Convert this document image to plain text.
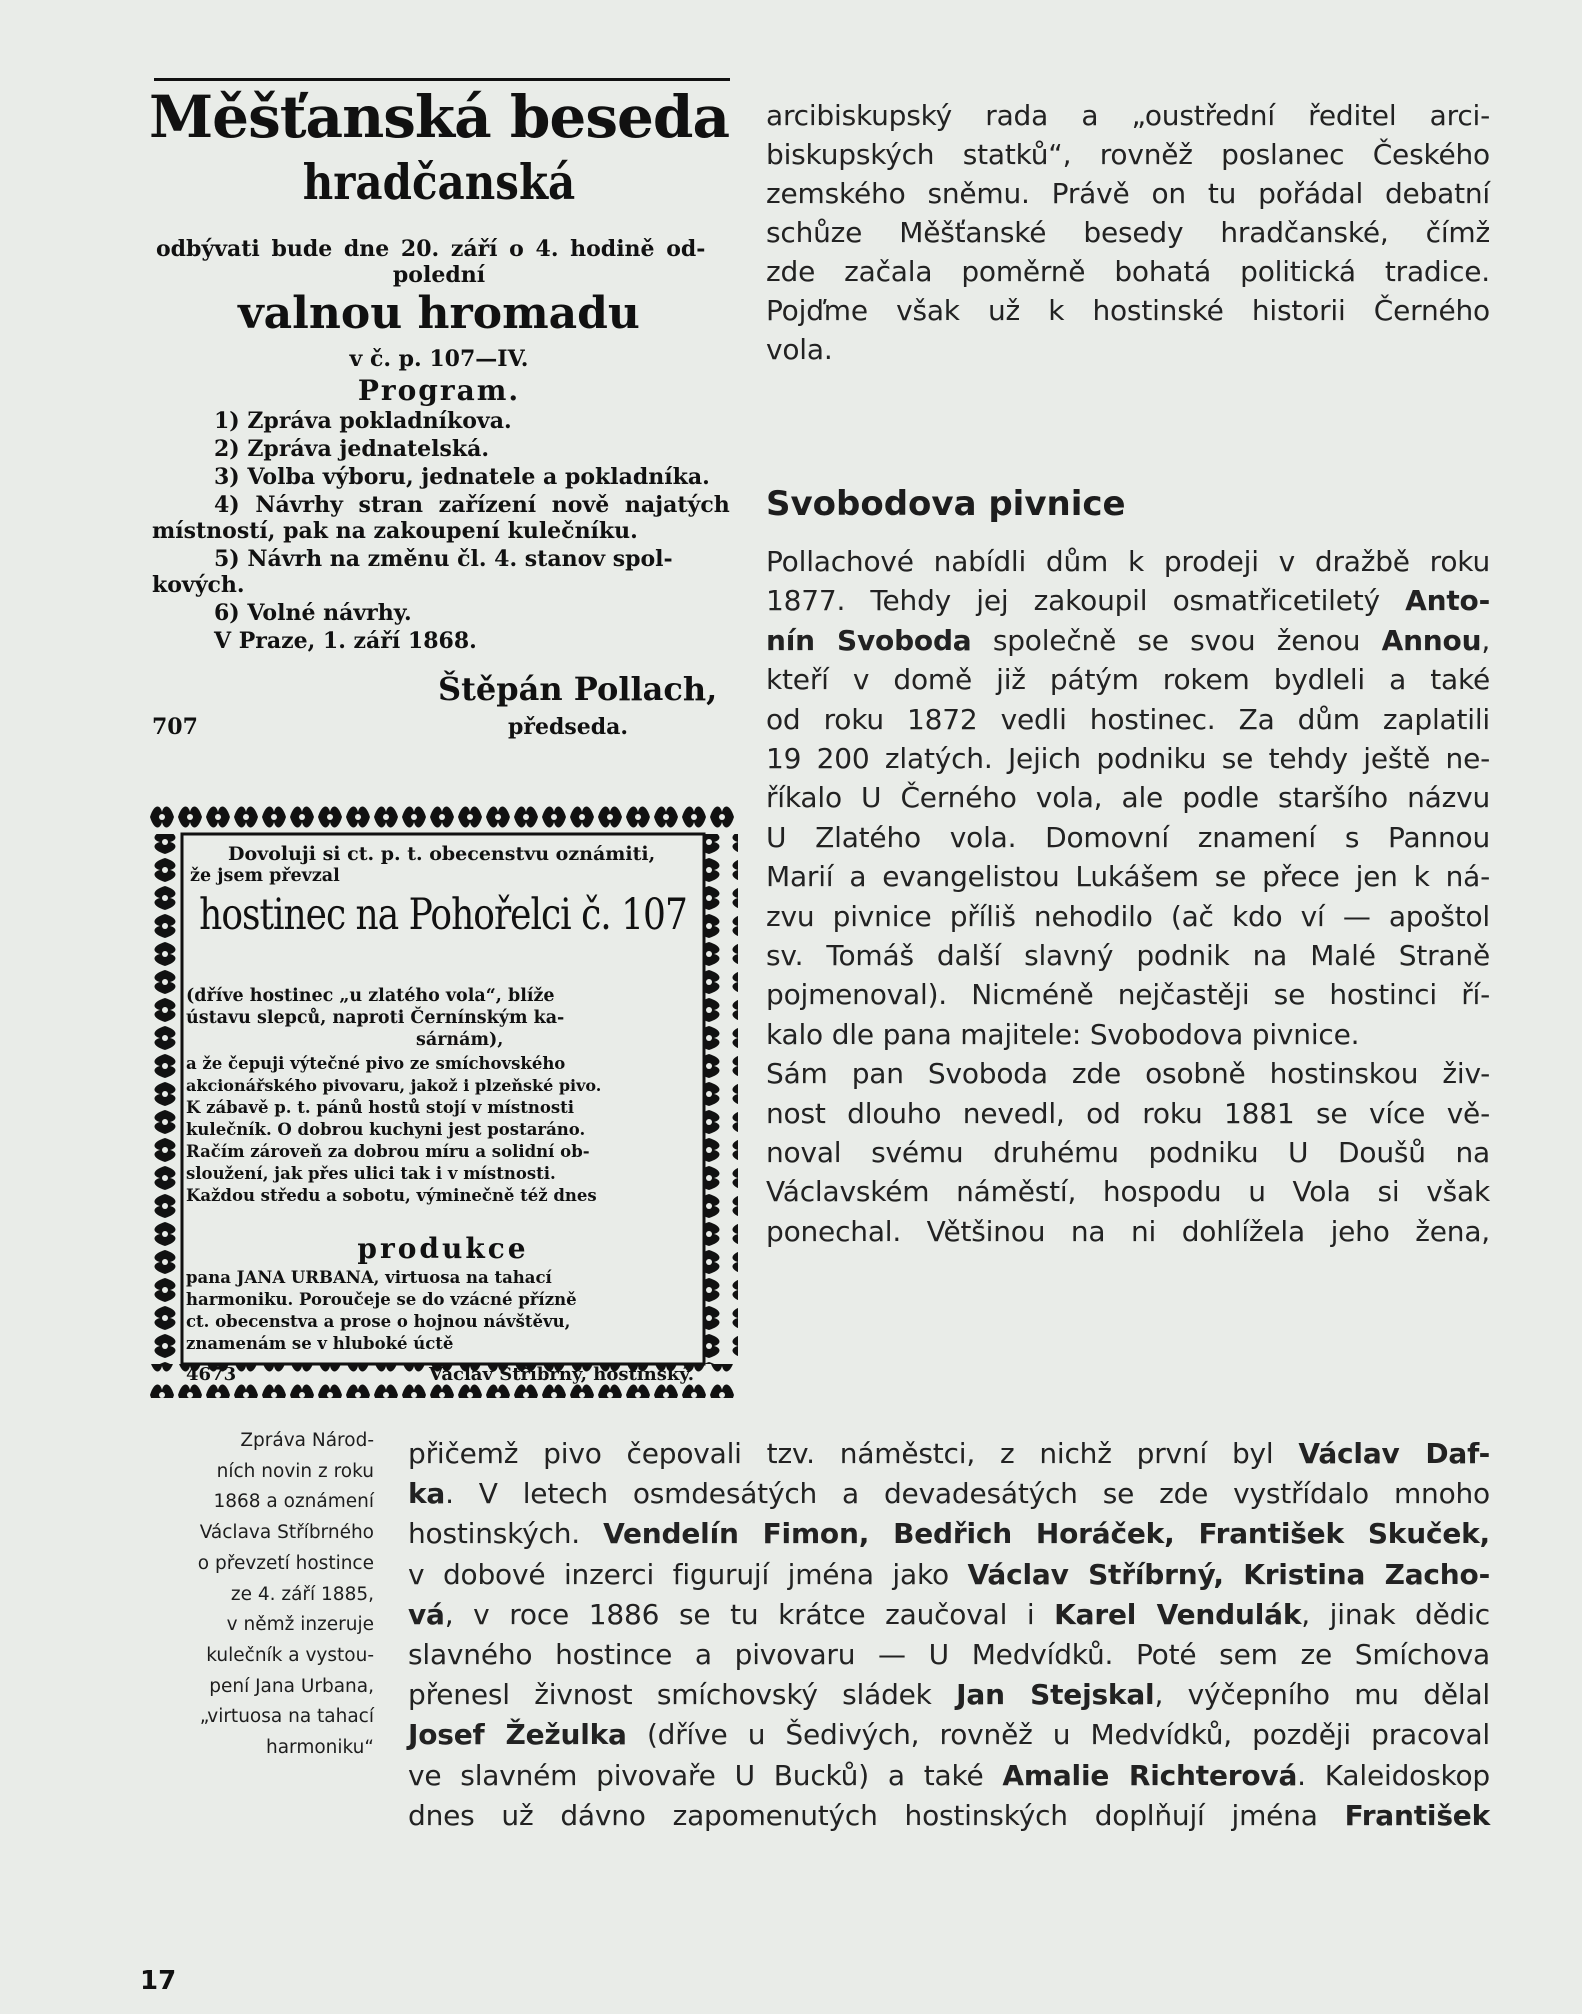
Měšťanská beseda
hradčanská
odbývati bude dne 20. září o 4. hodině od-
polední
valnou hromadu
v č. p. 107—IV.
Program.
1) Zpráva pokladníkova.
2) Zpráva jednatelská.
3) Volba výboru, jednatele a pokladníka.
4) Návrhy stran zařízení nově najatých
místností, pak na zakoupení kulečníku.
5) Návrh na změnu čl. 4. stanov spol-
kových.
6) Volné návrhy.
V Praze, 1. září 1868.
Štěpán Pollach,
707	předseda.
Dovoluji si ct. p. t. obecenstvu oznámiti,
že jsem převzal
hostinec na Pohořelci č. 107
(dříve hostinec „u zlatého vola“, blíže
ústavu slepců, naproti Černínským ka-
sárnám),
a že čepuji výtečné pivo ze smíchovského
akcionářského pivovaru, jakož i plzeňské pivo.
K zábavě p. t. pánů hostů stojí v místnosti
kulečník. O dobrou kuchyni jest postaráno.
Račím zároveň za dobrou míru a solidní ob-
sloužení, jak přes ulici tak i v místnosti.
Každou středu a sobotu, výminečně též dnes
produkce
pana JANA URBANA, virtuosa na tahací
harmoniku. Poroučeje se do vzácné přízně
ct. obecenstva a prose o hojnou návštěvu,
znamenám se v hluboké úctě
4673	Václav Stříbrný, hostinský.
Zpráva Národ-
ních novin z roku
1868 a oznámení
Václava Stříbrného
o převzetí hostince
ze 4. září 1885,
v němž inzeruje
kulečník a vystou-
pení Jana Urbana,
„virtuosa na tahací
harmoniku“
arcibiskupský rada a „oustřední ředitel arci-
biskupských statků“, rovněž poslanec Českého
zemského sněmu. Právě on tu pořádal debatní
schůze Měšťanské besedy hradčanské, čímž
zde začala poměrně bohatá politická tradice.
Pojďme však už k hostinské historii Černého
vola.
Svobodova pivnice
Pollachové nabídli dům k prodeji v dražbě roku
1877. Tehdy jej zakoupil osmatřicetiletý Anto-
nín Svoboda společně se svou ženou Annou,
kteří v domě již pátým rokem bydleli a také
od roku 1872 vedli hostinec. Za dům zaplatili
19 200 zlatých. Jejich podniku se tehdy ještě ne-
říkalo U Černého vola, ale podle staršího názvu
U Zlatého vola. Domovní znamení s Pannou
Marií a evangelistou Lukášem se přece jen k ná-
zvu pivnice příliš nehodilo (ač kdo ví — apoštol
sv. Tomáš další slavný podnik na Malé Straně
pojmenoval). Nicméně nejčastěji se hostinci ří-
kalo dle pana majitele: Svobodova pivnice.
Sám pan Svoboda zde osobně hostinskou živ-
nost dlouho nevedl, od roku 1881 se více vě-
noval svému druhému podniku U Doušů na
Václavském náměstí, hospodu u Vola si však
ponechal. Většinou na ni dohlížela jeho žena,
přičemž pivo čepovali tzv. náměstci, z nichž první byl Václav Daf-
ka. V letech osmdesátých a devadesátých se zde vystřídalo mnoho
hostinských. Vendelín Fimon, Bedřich Horáček, František Skuček,
v dobové inzerci figurují jména jako Václav Stříbrný, Kristina Zacho-
vá, v roce 1886 se tu krátce zaučoval i Karel Vendulák, jinak dědic
slavného hostince a pivovaru — U Medvídků. Poté sem ze Smíchova
přenesl živnost smíchovský sládek Jan Stejskal, výčepního mu dělal
Josef Žežulka (dříve u Šedivých, rovněž u Medvídků, později pracoval
ve slavném pivovaře U Bucků) a také Amalie Richterová. Kaleidoskop
dnes už dávno zapomenutých hostinských doplňují jména František
17
